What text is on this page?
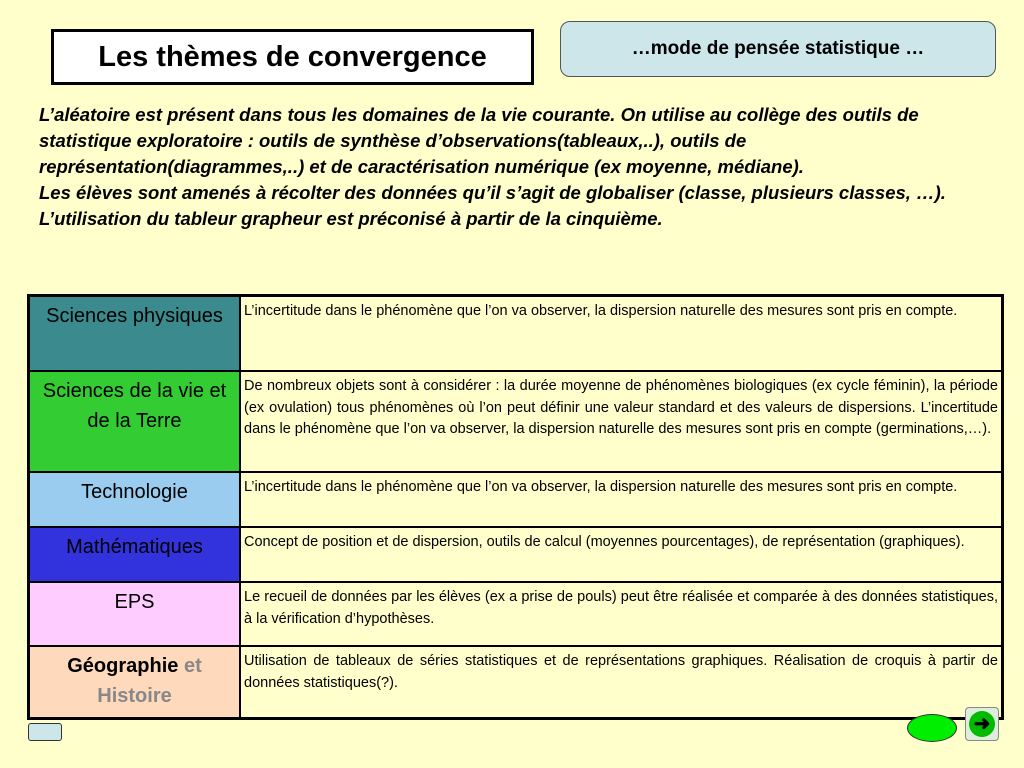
Les thèmes de convergence	…mode de pensée statistique …

L’aléatoire est présent dans tous les domaines de la vie courante. On utilise au collège des outils de statistique exploratoire : outils de synthèse d’observations(tableaux,..), outils de représentation(diagrammes,..) et de caractérisation numérique (ex moyenne, médiane).

Les élèves sont amenés à récolter des données qu’il s’agit de globaliser (classe, plusieurs classes, …). L’utilisation du tableur grapheur est préconisé à partir de la cinquième.

Sciences physiques	L’incertitude dans le phénomène que l’on va observer, la dispersion naturelle des mesures sont pris en compte.
Sciences de la vie et de la Terre	De nombreux objets sont à considérer : la durée moyenne de phénomènes biologiques (ex cycle féminin), la période (ex ovulation) tous phénomènes où l’on peut définir une valeur standard et des valeurs de dispersions. L’incertitude dans le phénomène que l’on va observer, la dispersion naturelle des mesures sont pris en compte (germinations,…).
Technologie	L’incertitude dans le phénomène que l’on va observer, la dispersion naturelle des mesures sont pris en compte.
Mathématiques	Concept de position et de dispersion, outils de calcul (moyennes pourcentages), de représentation (graphiques).
EPS	Le recueil de données par les élèves (ex a prise de pouls) peut être réalisée et comparée à des données statistiques, à la vérification d’hypothèses.
Géographie et
Histoire	Utilisation de tableaux de séries statistiques et de représentations graphiques. Réalisation de croquis à partir de données statistiques(?).
➜
